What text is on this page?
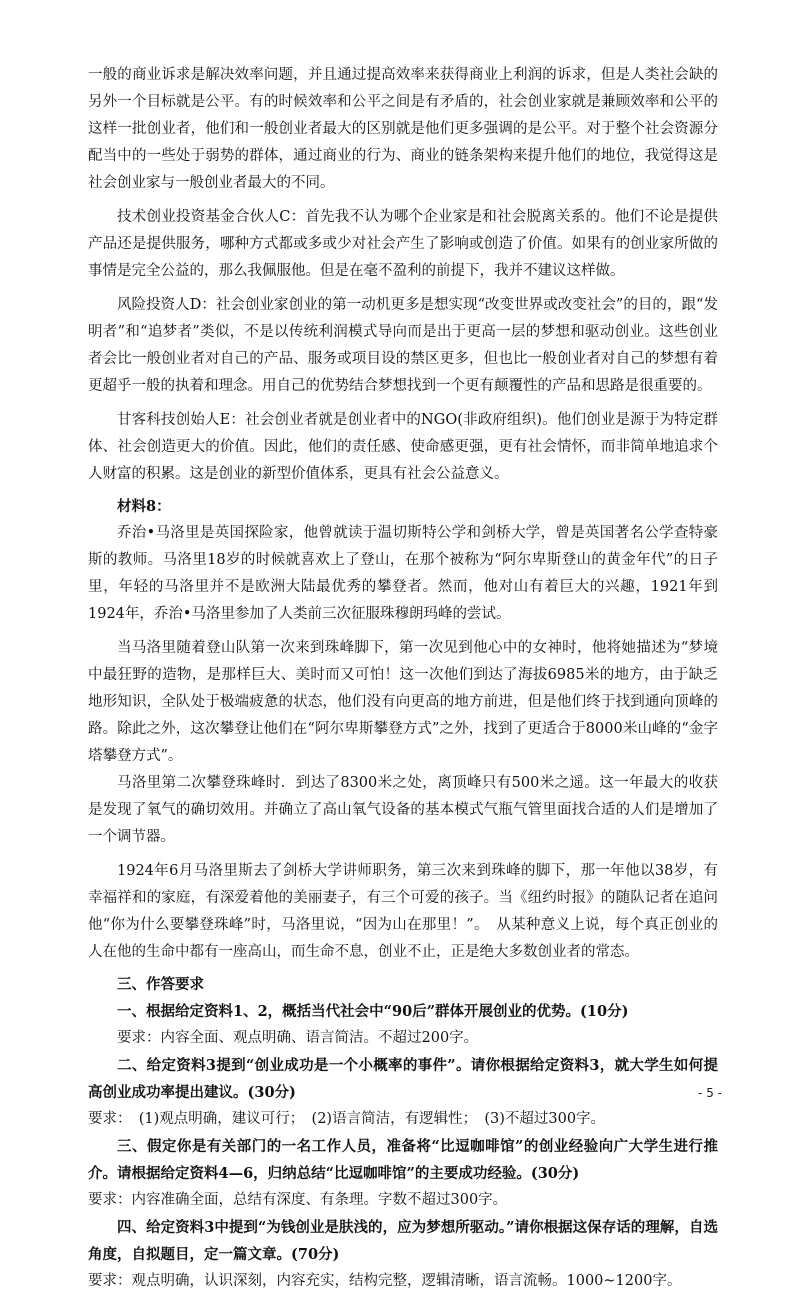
一般的商业诉求是解决效率问题，并且通过提高效率来获得商业上利润的诉求，但是人类社会缺的另外一个目标就是公平。有的时候效率和公平之间是有矛盾的，社会创业家就是兼顾效率和公平的这样一批创业者，他们和一般创业者最大的区别就是他们更多强调的是公平。对于整个社会资源分配当中的一些处于弱势的群体，通过商业的行为、商业的链条架构来提升他们的地位，我觉得这是社会创业家与一般创业者最大的不同。

技术创业投资基金合伙人C：首先我不认为哪个企业家是和社会脱离关系的。他们不论是提供产品还是提供服务，哪种方式都或多或少对社会产生了影响或创造了价值。如果有的创业家所做的事情是完全公益的，那么我佩服他。但是在毫不盈利的前提下，我并不建议这样做。

风险投资人D：社会创业家创业的第一动机更多是想实现“改变世界或改变社会”的目的，跟“发明者”和“追梦者”类似，不是以传统利润模式导向而是出于更高一层的梦想和驱动创业。这些创业者会比一般创业者对自己的产品、服务或项目设的禁区更多，但也比一般创业者对自己的梦想有着更超乎一般的执着和理念。用自己的优势结合梦想找到一个更有颠覆性的产品和思路是很重要的。

甘客科技创始人E：社会创业者就是创业者中的NGO(非政府组织)。他们创业是源于为特定群体、社会创造更大的价值。因此，他们的责任感、使命感更强，更有社会情怀，而非简单地追求个人财富的积累。这是创业的新型价值体系，更具有社会公益意义。

材料8：

乔治•马洛里是英国探险家，他曾就读于温切斯特公学和剑桥大学，曾是英国著名公学查特豪斯的教师。马洛里18岁的时候就喜欢上了登山，在那个被称为“阿尔卑斯登山的黄金年代”的日子里，年轻的马洛里并不是欧洲大陆最优秀的攀登者。然而，他对山有着巨大的兴趣，1921年到1924年，乔治•马洛里参加了人类前三次征服珠穆朗玛峰的尝试。

当马洛里随着登山队第一次来到珠峰脚下，第一次见到他心中的女神时，他将她描述为“梦境中最狂野的造物，是那样巨大、美时而又可怕！这一次他们到达了海拔6985米的地方，由于缺乏地形知识，全队处于极端疲惫的状态，他们没有向更高的地方前进，但是他们终于找到通向顶峰的路。除此之外，这次攀登让他们在“阿尔卑斯攀登方式”之外，找到了更适合于8000米山峰的“金字塔攀登方式”。

马洛里第二次攀登珠峰时．到达了8300米之处，离顶峰只有500米之遥。这一年最大的收获是发现了氧气的确切效用。并确立了高山氧气设备的基本模式气瓶气管里面找合适的人们是增加了一个调节器。

1924年6月马洛里斯去了剑桥大学讲师职务，第三次来到珠峰的脚下，那一年他以38岁，有幸福祥和的家庭，有深爱着他的美丽妻子，有三个可爱的孩子。当《纽约时报》的随队记者在追问他“你为什么要攀登珠峰”时，马洛里说，“因为山在那里！”。　从某种意义上说，每个真正创业的人在他的生命中都有一座高山，而生命不息，创业不止，正是绝大多数创业者的常态。

三、作答要求

一、根据给定资料1、2，概括当代社会中“90后”群体开展创业的优势。(10分)

要求：内容全面、观点明确、语言简洁。不超过200字。

二、给定资料3提到“创业成功是一个小概率的事件”。请你根据给定资料3，就大学生如何提高创业成功率提出建议。(30分)

要求：　(1)观点明确，建议可行；　(2)语言简洁，有逻辑性；　(3)不超过300字。

三、假定你是有关部门的一名工作人员，准备将“比逗咖啡馆”的创业经验向广大学生进行推介。请根据给定资料4—6，归纳总结“比逗咖啡馆”的主要成功经验。(30分)

要求：内容准确全面，总结有深度、有条理。字数不超过300字。

四、给定资料3中提到“为钱创业是肤浅的，应为梦想所驱动。”请你根据这保存话的理解，自选角度，自拟题目，定一篇文章。(70分)

要求：观点明确，认识深刻，内容充实，结构完整，逻辑清晰，语言流畅。1000~1200字。

- 5 -
